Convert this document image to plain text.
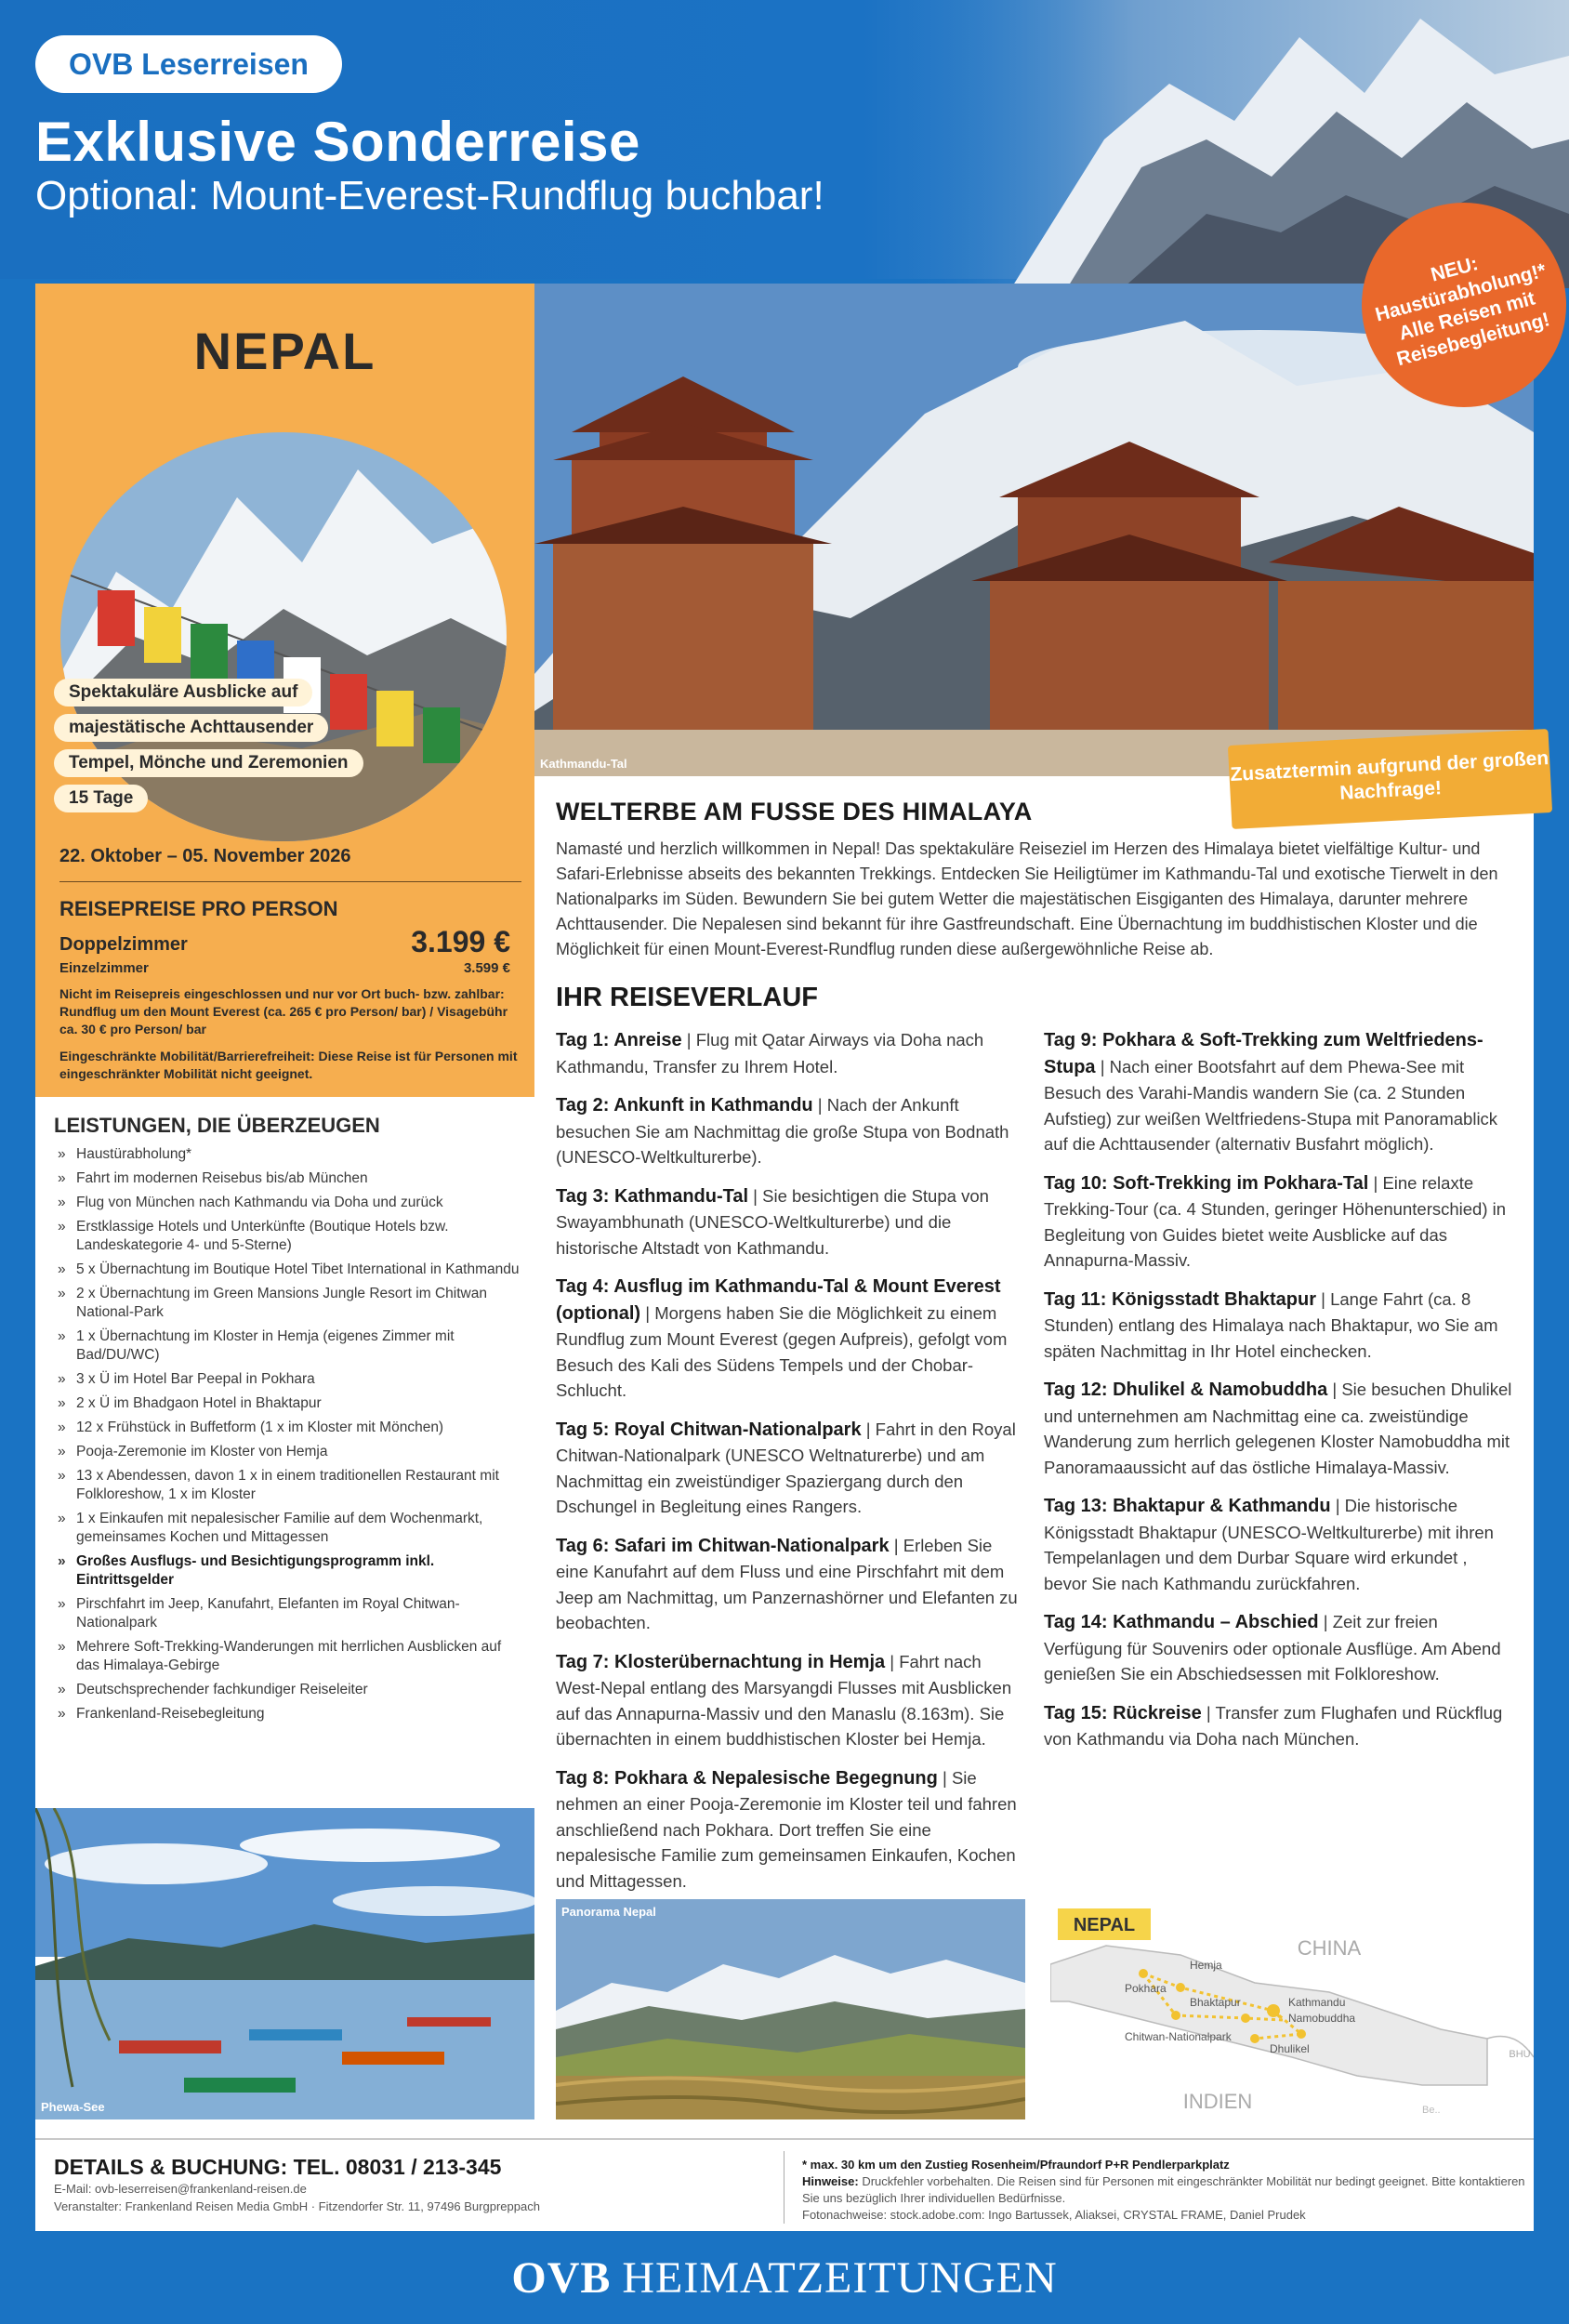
OVB Leserreisen
Exklusive Sonderreise
Optional: Mount-Everest-Rundflug buchbar!
NEU: Haustürabholung!* Alle Reisen mit Reisebegleitung!
NEPAL
Spektakuläre Ausblicke auf
majestätische Achttausender
Tempel, Mönche und Zeremonien
15 Tage
22. Oktober – 05. November 2026
REISEPREISE PRO PERSON
Doppelzimmer	3.199 €
Einzelzimmer	3.599 €
Nicht im Reisepreis eingeschlossen und nur vor Ort buch- bzw. zahlbar: Rundflug um den Mount Everest (ca. 265 € pro Person/ bar) / Visagebühr ca. 30 € pro Person/ bar
Eingeschränkte Mobilität/Barrierefreiheit: Diese Reise ist für Personen mit eingeschränkter Mobilität nicht geeignet.
LEISTUNGEN, DIE ÜBERZEUGEN
» Haustürabholung*
» Fahrt im modernen Reisebus bis/ab München
» Flug von München nach Kathmandu via Doha und zurück
» Erstklassige Hotels und Unterkünfte (Boutique Hotels bzw. Landeskategorie 4- und 5-Sterne)
» 5 x Übernachtung im Boutique Hotel Tibet International in Kathmandu
» 2 x Übernachtung im Green Mansions Jungle Resort im Chitwan National-Park
» 1 x Übernachtung im Kloster in Hemja (eigenes Zimmer mit Bad/DU/WC)
» 3 x Ü im Hotel Bar Peepal in Pokhara
» 2 x Ü im Bhadgaon Hotel in Bhaktapur
» 12 x Frühstück in Buffetform (1 x im Kloster mit Mönchen)
» Pooja-Zeremonie im Kloster von Hemja
» 13 x Abendessen, davon 1 x in einem traditionellen Restaurant mit Folkloreshow, 1 x im Kloster
» 1 x Einkaufen mit nepalesischer Familie auf dem Wochenmarkt, gemeinsames Kochen und Mittagessen
» Großes Ausflugs- und Besichtigungsprogramm inkl. Eintrittsgelder
» Pirschfahrt im Jeep, Kanufahrt, Elefanten im Royal Chitwan-Nationalpark
» Mehrere Soft-Trekking-Wanderungen mit herrlichen Ausblicken auf das Himalaya-Gebirge
» Deutschsprechender fachkundiger Reiseleiter
» Frankenland-Reisebegleitung
Phewa-See
Kathmandu-Tal	Zusatztermin aufgrund der großen Nachfrage!
WELTERBE AM FUSSE DES HIMALAYA
Namasté und herzlich willkommen in Nepal! Das spektakuläre Reiseziel im Herzen des Himalaya bietet vielfältige Kultur- und Safari-Erlebnisse abseits des bekannten Trekkings. Entdecken Sie Heiligtümer im Kathmandu-Tal und exotische Tierwelt in den Nationalparks im Süden. Bewundern Sie bei gutem Wetter die majestätischen Eisgiganten des Himalaya, darunter mehrere Achttausender. Die Nepalesen sind bekannt für ihre Gastfreundschaft. Eine Übernachtung im buddhistischen Kloster und die Möglichkeit für einen Mount-Everest-Rundflug runden diese außergewöhnliche Reise ab.
IHR REISEVERLAUF

Tag 1: Anreise | Flug mit Qatar Airways via Doha nach Kathmandu, Transfer zu Ihrem Hotel.

Tag 2: Ankunft in Kathmandu | Nach der Ankunft besuchen Sie am Nachmittag die große Stupa von Bodnath (UNESCO-Weltkulturerbe).

Tag 3: Kathmandu-Tal | Sie besichtigen die Stupa von Swayambhunath (UNESCO-Weltkulturerbe) und die historische Altstadt von Kathmandu.

Tag 4: Ausflug im Kathmandu-Tal & Mount Everest (optional) | Morgens haben Sie die Möglichkeit zu einem Rundflug zum Mount Everest (gegen Aufpreis), gefolgt vom Besuch des Kali des Südens Tempels und der Chobar-Schlucht.

Tag 5: Royal Chitwan-Nationalpark | Fahrt in den Royal Chitwan-Nationalpark (UNESCO Weltnaturerbe) und am Nachmittag ein zweistündiger Spaziergang durch den Dschungel in Begleitung eines Rangers.

Tag 6: Safari im Chitwan-Nationalpark | Erleben Sie eine Kanufahrt auf dem Fluss und eine Pirschfahrt mit dem Jeep am Nachmittag, um Panzernashörner und Elefanten zu beobachten.

Tag 7: Klosterübernachtung in Hemja | Fahrt nach West-Nepal entlang des Marsyangdi Flusses mit Ausblicken auf das Annapurna-Massiv und den Manaslu (8.163m). Sie übernachten in einem buddhistischen Kloster bei Hemja.

Tag 8: Pokhara & Nepalesische Begegnung | Sie nehmen an einer Pooja-Zeremonie im Kloster teil und fahren anschließend nach Pokhara. Dort treffen Sie eine nepalesische Familie zum gemeinsamen Einkaufen, Kochen und Mittagessen.

Tag 9: Pokhara & Soft-Trekking zum Weltfriedens-Stupa | Nach einer Bootsfahrt auf dem Phewa-See mit Besuch des Varahi-Mandis wandern Sie (ca. 2 Stunden Aufstieg) zur weißen Weltfriedens-Stupa mit Panoramablick auf die Achttausender (alternativ Busfahrt möglich).

Tag 10: Soft-Trekking im Pokhara-Tal | Eine relaxte Trekking-Tour (ca. 4 Stunden, geringer Höhenunterschied) in Begleitung von Guides bietet weite Ausblicke auf das Annapurna-Massiv.

Tag 11: Königsstadt Bhaktapur | Lange Fahrt (ca. 8 Stunden) entlang des Himalaya nach Bhaktapur, wo Sie am späten Nachmittag in Ihr Hotel einchecken.

Tag 12: Dhulikel & Namobuddha | Sie besuchen Dhulikel und unternehmen am Nachmittag eine ca. zweistündige Wanderung zum herrlich gelegenen Kloster Namobuddha mit Panoramaaussicht auf das östliche Himalaya-Massiv.

Tag 13: Bhaktapur & Kathmandu | Die historische Königsstadt Bhaktapur (UNESCO-Weltkulturerbe) mit ihren Tempelanlagen und dem Durbar Square wird erkundet , bevor Sie nach Kathmandu zurückfahren.

Tag 14: Kathmandu – Abschied | Zeit zur freien Verfügung für Souvenirs oder optionale Ausflüge. Am Abend genießen Sie ein Abschiedsessen mit Folkloreshow.

Tag 15: Rückreise | Transfer zum Flughafen und Rückflug von Kathmandu via Doha nach München.

Panorama Nepal
NEPAL
CHINA
INDIEN
BHU
Be..
Hemja
Pokhara
Kathmandu
Bhaktapur
Namobuddha
Chitwan-Nationalpark
Dhulikel
DETAILS & BUCHUNG: TEL. 08031 / 213-345
E-Mail: ovb-leserreisen@frankenland-reisen.de
Veranstalter: Frankenland Reisen Media GmbH · Fitzendorfer Str. 11, 97496 Burgpreppach
* max. 30 km um den Zustieg Rosenheim/Pfraundorf P+R Pendlerparkplatz
Hinweise: Druckfehler vorbehalten. Die Reisen sind für Personen mit eingeschränkter Mobilität nur bedingt geeignet. Bitte kontaktieren Sie uns bezüglich Ihrer individuellen Bedürfnisse.
Fotonachweise: stock.adobe.com: Ingo Bartussek, Aliaksei, CRYSTAL FRAME, Daniel Prudek
OVB HEIMATZEITUNGEN
